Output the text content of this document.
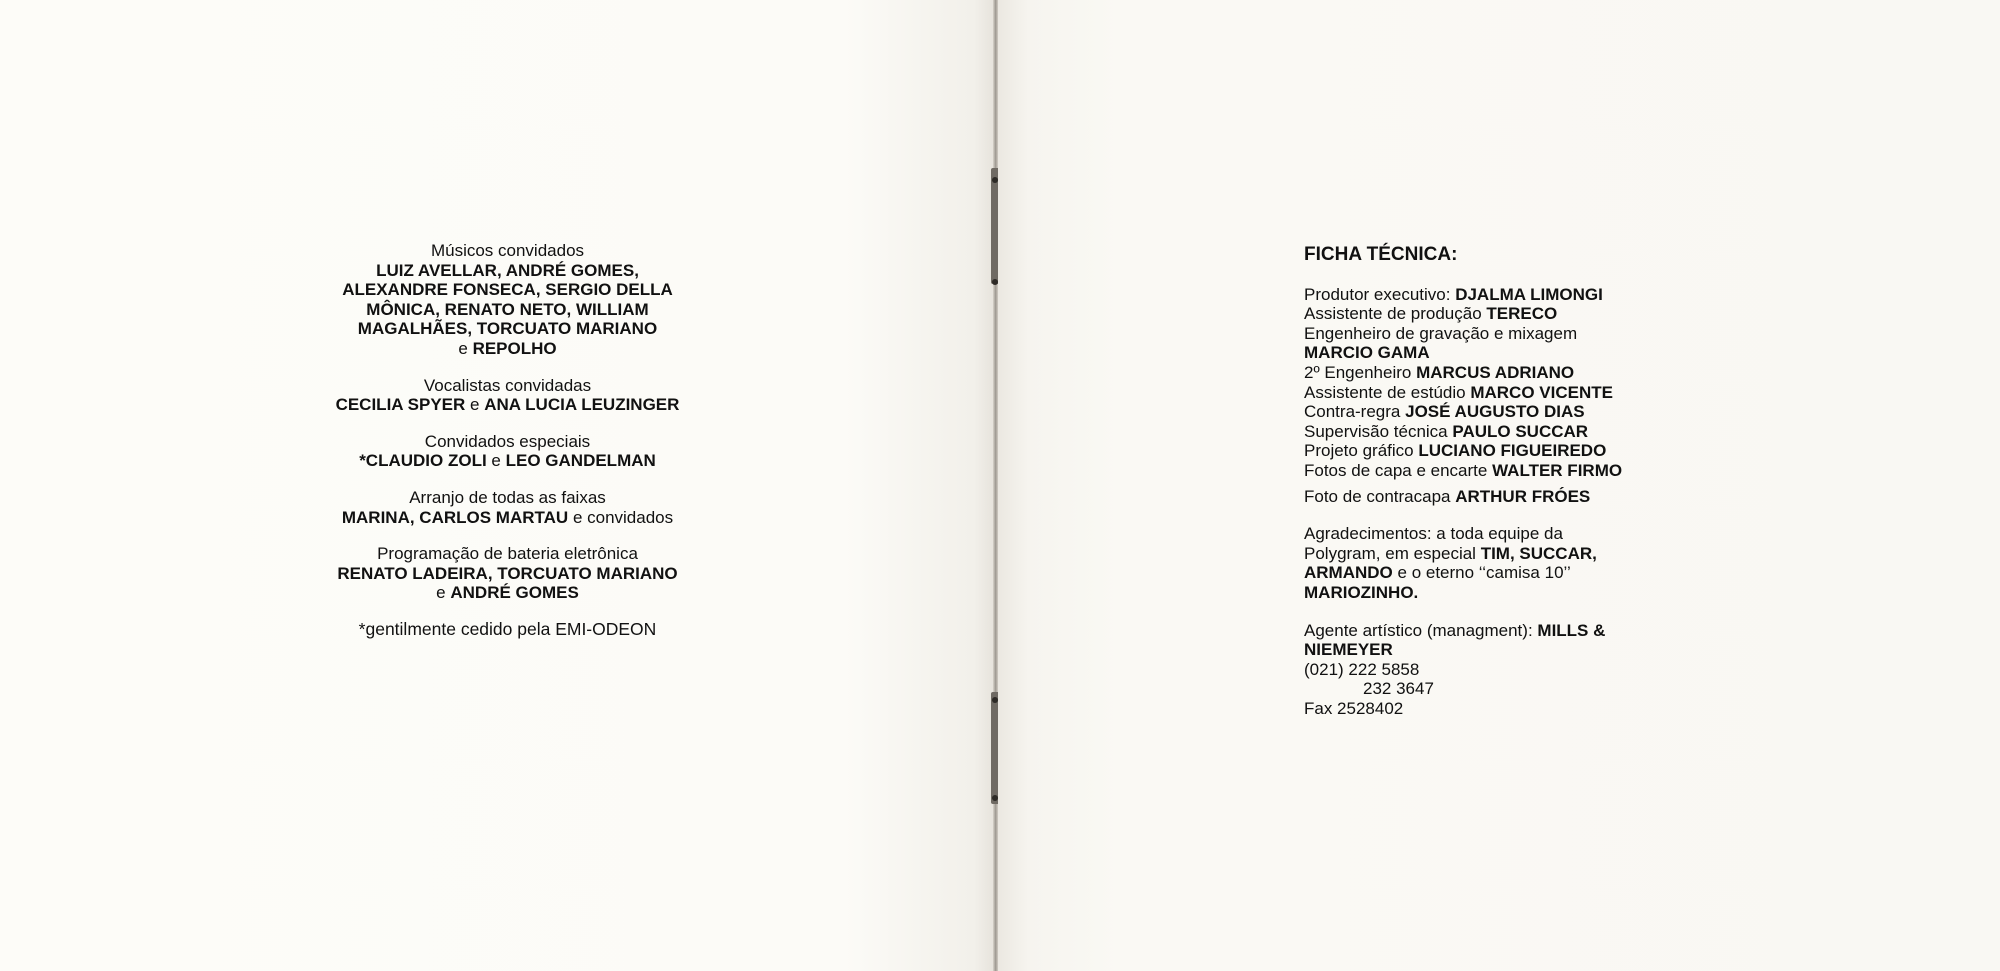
Músicos convidados
LUIZ AVELLAR, ANDRÉ GOMES,
ALEXANDRE FONSECA, SERGIO DELLA
MÔNICA, RENATO NETO, WILLIAM
MAGALHÃES, TORCUATO MARIANO
e REPOLHO
Vocalistas convidadas
CECILIA SPYER e ANA LUCIA LEUZINGER
Convidados especiais
*CLAUDIO ZOLI e LEO GANDELMAN
Arranjo de todas as faixas
MARINA, CARLOS MARTAU e convidados
Programação de bateria eletrônica
RENATO LADEIRA, TORCUATO MARIANO
e ANDRÉ GOMES
*gentilmente cedido pela EMI-ODEON
FICHA TÉCNICA:
Produtor executivo: DJALMA LIMONGI
Assistente de produção TERECO
Engenheiro de gravação e mixagem
MARCIO GAMA
2º Engenheiro MARCUS ADRIANO
Assistente de estúdio MARCO VICENTE
Contra-regra JOSÉ AUGUSTO DIAS
Supervisão técnica PAULO SUCCAR
Projeto gráfico LUCIANO FIGUEIREDO
Fotos de capa e encarte WALTER FIRMO
Foto de contracapa ARTHUR FRÓES
Agradecimentos: a toda equipe da
Polygram, em especial TIM, SUCCAR,
ARMANDO e o eterno ‘‘camisa 10’’
MARIOZINHO.
Agente artístico (managment): MILLS &
NIEMEYER
(021) 222 5858
232 3647
Fax 2528402
